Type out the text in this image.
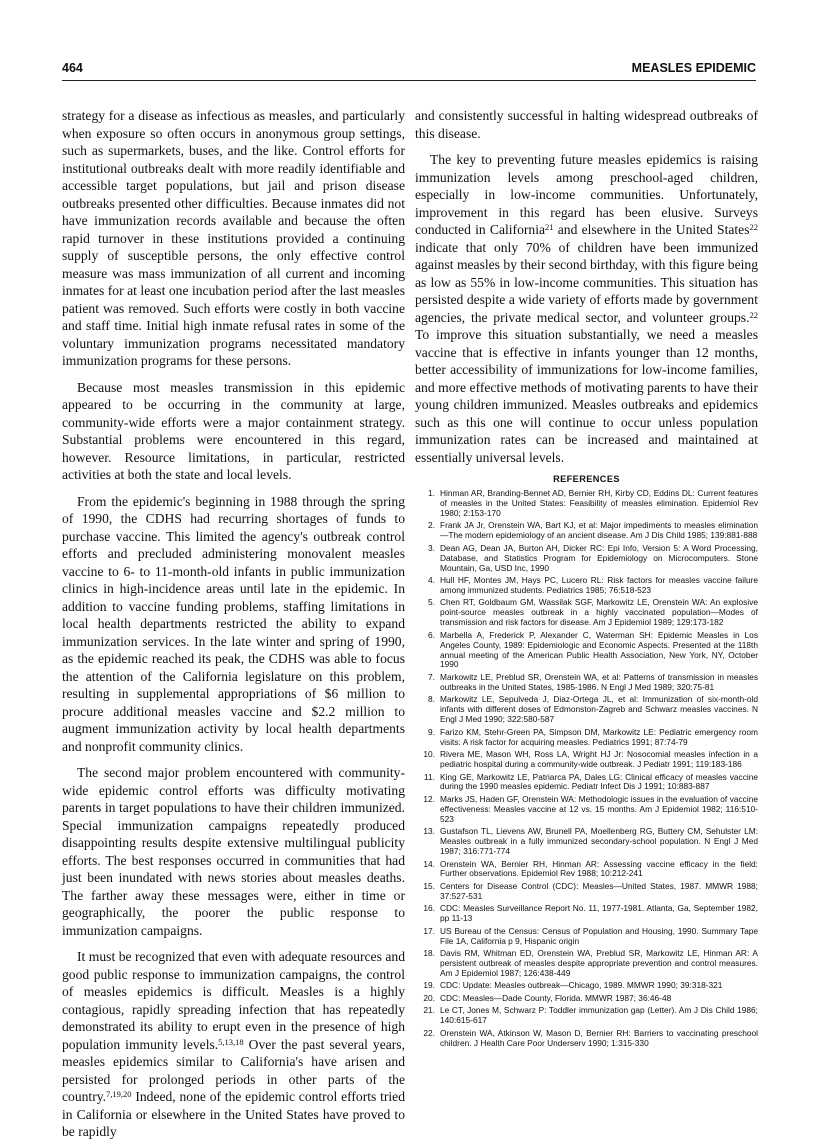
464	MEASLES EPIDEMIC

strategy for a disease as infectious as measles, and particularly when exposure so often occurs in anonymous group settings, such as supermarkets, buses, and the like. Control efforts for institutional outbreaks dealt with more readily identifiable and accessible target populations, but jail and prison disease outbreaks presented other difficulties. Because inmates did not have immunization records available and because the often rapid turnover in these institutions provided a continuing supply of susceptible persons, the only effective control measure was mass immunization of all current and incoming inmates for at least one incubation period after the last measles patient was removed. Such efforts were costly in both vaccine and staff time. Initial high inmate refusal rates in some of the voluntary immunization programs necessitated mandatory immunization programs for these persons.

Because most measles transmission in this epidemic appeared to be occurring in the community at large, community-wide efforts were a major containment strategy. Substantial problems were encountered in this regard, however. Resource limitations, in particular, restricted activities at both the state and local levels.

From the epidemic's beginning in 1988 through the spring of 1990, the CDHS had recurring shortages of funds to purchase vaccine. This limited the agency's outbreak control efforts and precluded administering monovalent measles vaccine to 6- to 11-month-old infants in public immunization clinics in high-incidence areas until late in the epidemic. In addition to vaccine funding problems, staffing limitations in local health departments restricted the ability to expand immunization services. In the late winter and spring of 1990, as the epidemic reached its peak, the CDHS was able to focus the attention of the California legislature on this problem, resulting in supplemental appropriations of $6 million to procure additional measles vaccine and $2.2 million to augment immunization activity by local health departments and nonprofit community clinics.

The second major problem encountered with community-wide epidemic control efforts was difficulty motivating parents in target populations to have their children immunized. Special immunization campaigns repeatedly produced disappointing results despite extensive multilingual publicity efforts. The best responses occurred in communities that had just been inundated with news stories about measles deaths. The farther away these messages were, either in time or geographically, the poorer the public response to immunization campaigns.

It must be recognized that even with adequate resources and good public response to immunization campaigns, the control of measles epidemics is difficult. Measles is a highly contagious, rapidly spreading infection that has repeatedly demonstrated its ability to erupt even in the presence of high population immunity levels.$^{5,13,18}$ Over the past several years, measles epidemics similar to California's have arisen and persisted for prolonged periods in other parts of the country.$^{7,19,20}$ Indeed, none of the epidemic control efforts tried in California or elsewhere in the United States have proved to be rapidly

and consistently successful in halting widespread outbreaks of this disease.

The key to preventing future measles epidemics is raising immunization levels among preschool-aged children, especially in low-income communities. Unfortunately, improvement in this regard has been elusive. Surveys conducted in California$^{21}$ and elsewhere in the United States$^{22}$ indicate that only 70% of children have been immunized against measles by their second birthday, with this figure being as low as 55% in low-income communities. This situation has persisted despite a wide variety of efforts made by government agencies, the private medical sector, and volunteer groups.$^{22}$ To improve this situation substantially, we need a measles vaccine that is effective in infants younger than 12 months, better accessibility of immunizations for low-income families, and more effective methods of motivating parents to have their young children immunized. Measles outbreaks and epidemics such as this one will continue to occur unless population immunization rates can be increased and maintained at essentially universal levels.

REFERENCES
1. Hinman AR, Branding-Bennet AD, Bernier RH, Kirby CD, Eddins DL: Current features of measles in the United States: Feasibility of measles elimination. Epidemiol Rev 1980; 2:153-170
2. Frank JA Jr, Orenstein WA, Bart KJ, et al: Major impediments to measles elimination—The modern epidemiology of an ancient disease. Am J Dis Child 1985; 139:881-888
3. Dean AG, Dean JA, Burton AH, Dicker RC: Epi Info, Version 5: A Word Processing, Database, and Statistics Program for Epidemiology on Microcomputers. Stone Mountain, Ga, USD Inc, 1990
4. Hull HF, Montes JM, Hays PC, Lucero RL: Risk factors for measles vaccine failure among immunized students. Pediatrics 1985; 76:518-523
5. Chen RT, Goldbaum GM, Wassilak SGF, Markowitz LE, Orenstein WA: An explosive point-source measles outbreak in a highly vaccinated population—Modes of transmission and risk factors for disease. Am J Epidemiol 1989; 129:173-182
6. Marbella A, Frederick P, Alexander C, Waterman SH: Epidemic Measles in Los Angeles County, 1989: Epidemiologic and Economic Aspects. Presented at the 118th annual meeting of the American Public Health Association, New York, NY, October 1990
7. Markowitz LE, Preblud SR, Orenstein WA, et al: Patterns of transmission in measles outbreaks in the United States, 1985-1986. N Engl J Med 1989; 320:75-81
8. Markowitz LE, Sepulveda J, Diaz-Ortega JL, et al: Immunization of six-month-old infants with different doses of Edmonston-Zagreb and Schwarz measles vaccines. N Engl J Med 1990; 322:580-587
9. Farizo KM, Stehr-Green PA, Simpson DM, Markowitz LE: Pediatric emergency room visits: A risk factor for acquiring measles. Pediatrics 1991; 87:74-79
10. Rivera ME, Mason WH, Ross LA, Wright HJ Jr: Nosocomial measles infection in a pediatric hospital during a community-wide outbreak. J Pediatr 1991; 119:183-186
11. King GE, Markowitz LE, Patriarca PA, Dales LG: Clinical efficacy of measles vaccine during the 1990 measles epidemic. Pediatr Infect Dis J 1991; 10:883-887
12. Marks JS, Haden GF, Orenstein WA: Methodologic issues in the evaluation of vaccine effectiveness: Measles vaccine at 12 vs. 15 months. Am J Epidemiol 1982; 116:510-523
13. Gustafson TL, Lievens AW, Brunell PA, Moellenberg RG, Buttery CM, Sehulster LM: Measles outbreak in a fully immunized secondary-school population. N Engl J Med 1987; 316:771-774
14. Orenstein WA, Bernier RH, Hinman AR: Assessing vaccine efficacy in the field: Further observations. Epidemiol Rev 1988; 10:212-241
15. Centers for Disease Control (CDC): Measles—United States, 1987. MMWR 1988; 37:527-531
16. CDC: Measles Surveillance Report No. 11, 1977-1981. Atlanta, Ga, September 1982, pp 11-13
17. US Bureau of the Census: Census of Population and Housing, 1990. Summary Tape File 1A, California p 9, Hispanic origin
18. Davis RM, Whitman ED, Orenstein WA, Preblud SR, Markowitz LE, Hinman AR: A persistent outbreak of measles despite appropriate prevention and control measures. Am J Epidemiol 1987; 126:438-449
19. CDC: Update: Measles outbreak—Chicago, 1989. MMWR 1990; 39:318-321
20. CDC: Measles—Dade County, Florida. MMWR 1987; 36:46-48
21. Le CT, Jones M, Schwarz P: Toddler immunization gap (Letter). Am J Dis Child 1986; 140:615-617
22. Orenstein WA, Atkinson W, Mason D, Bernier RH: Barriers to vaccinating preschool children. J Health Care Poor Underserv 1990; 1:315-330
